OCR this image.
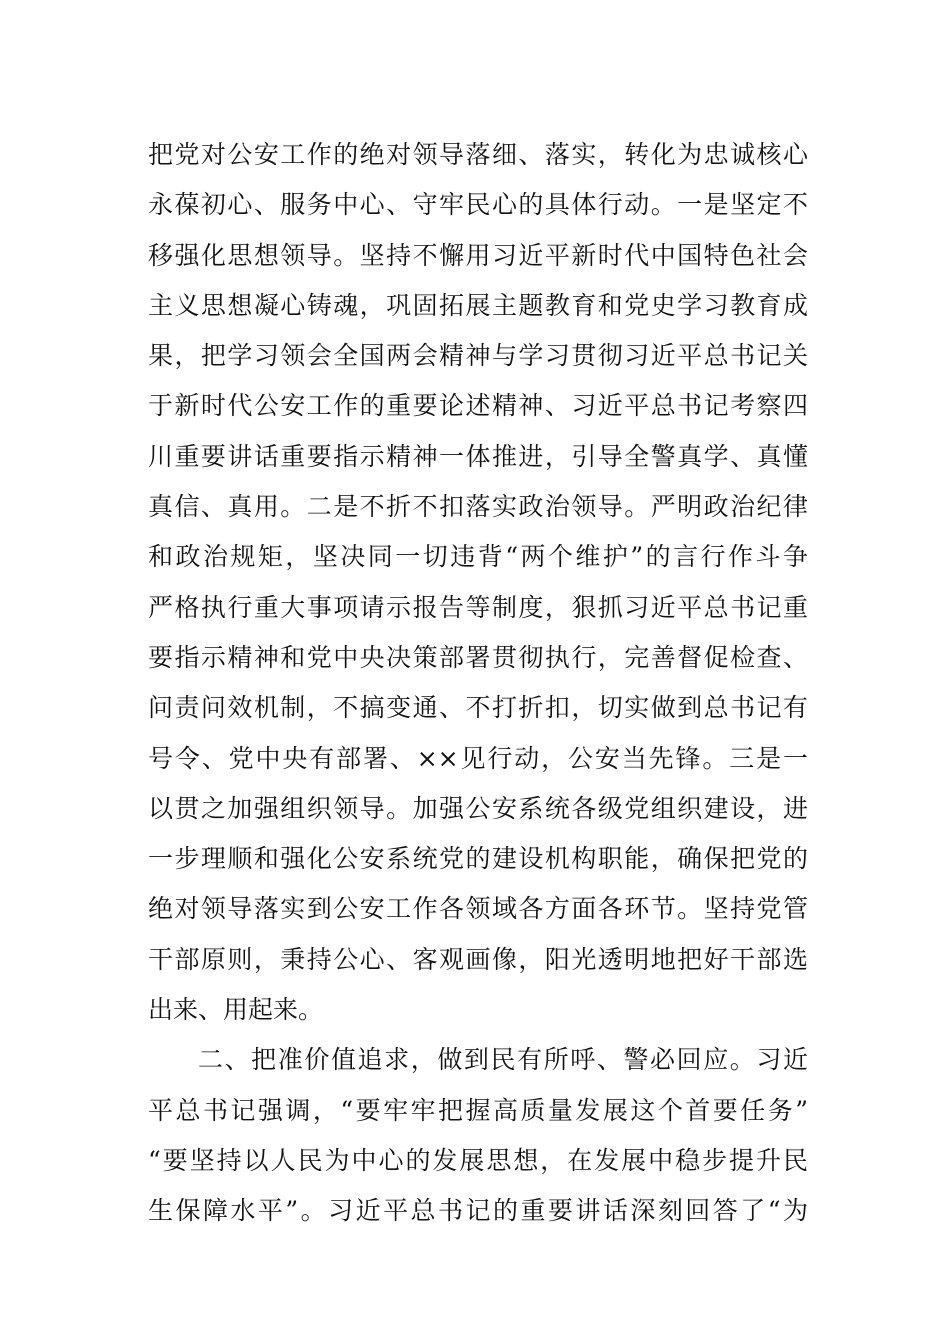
把党对公安工作的绝对领导落细、落实，转化为忠诚核心
永葆初心、服务中心、守牢民心的具体行动。一是坚定不
移强化思想领导。坚持不懈用习近平新时代中国特色社会
主义思想凝心铸魂，巩固拓展主题教育和党史学习教育成
果，把学习领会全国两会精神与学习贯彻习近平总书记关
于新时代公安工作的重要论述精神、习近平总书记考察四
川重要讲话重要指示精神一体推进，引导全警真学、真懂
真信、真用。二是不折不扣落实政治领导。严明政治纪律
和政治规矩，坚决同一切违背“两个维护”的言行作斗争
严格执行重大事项请示报告等制度，狠抓习近平总书记重
要指示精神和党中央决策部署贯彻执行，完善督促检查、
问责问效机制，不搞变通、不打折扣，切实做到总书记有
号令、党中央有部署、××见行动，公安当先锋。三是一
以贯之加强组织领导。加强公安系统各级党组织建设，进
一步理顺和强化公安系统党的建设机构职能，确保把党的
绝对领导落实到公安工作各领域各方面各环节。坚持党管
干部原则，秉持公心、客观画像，阳光透明地把好干部选
出来、用起来。
二、把准价值追求，做到民有所呼、警必回应。习近
平总书记强调，“要牢牢把握高质量发展这个首要任务”
“要坚持以人民为中心的发展思想，在发展中稳步提升民
生保障水平”。习近平总书记的重要讲话深刻回答了“为
